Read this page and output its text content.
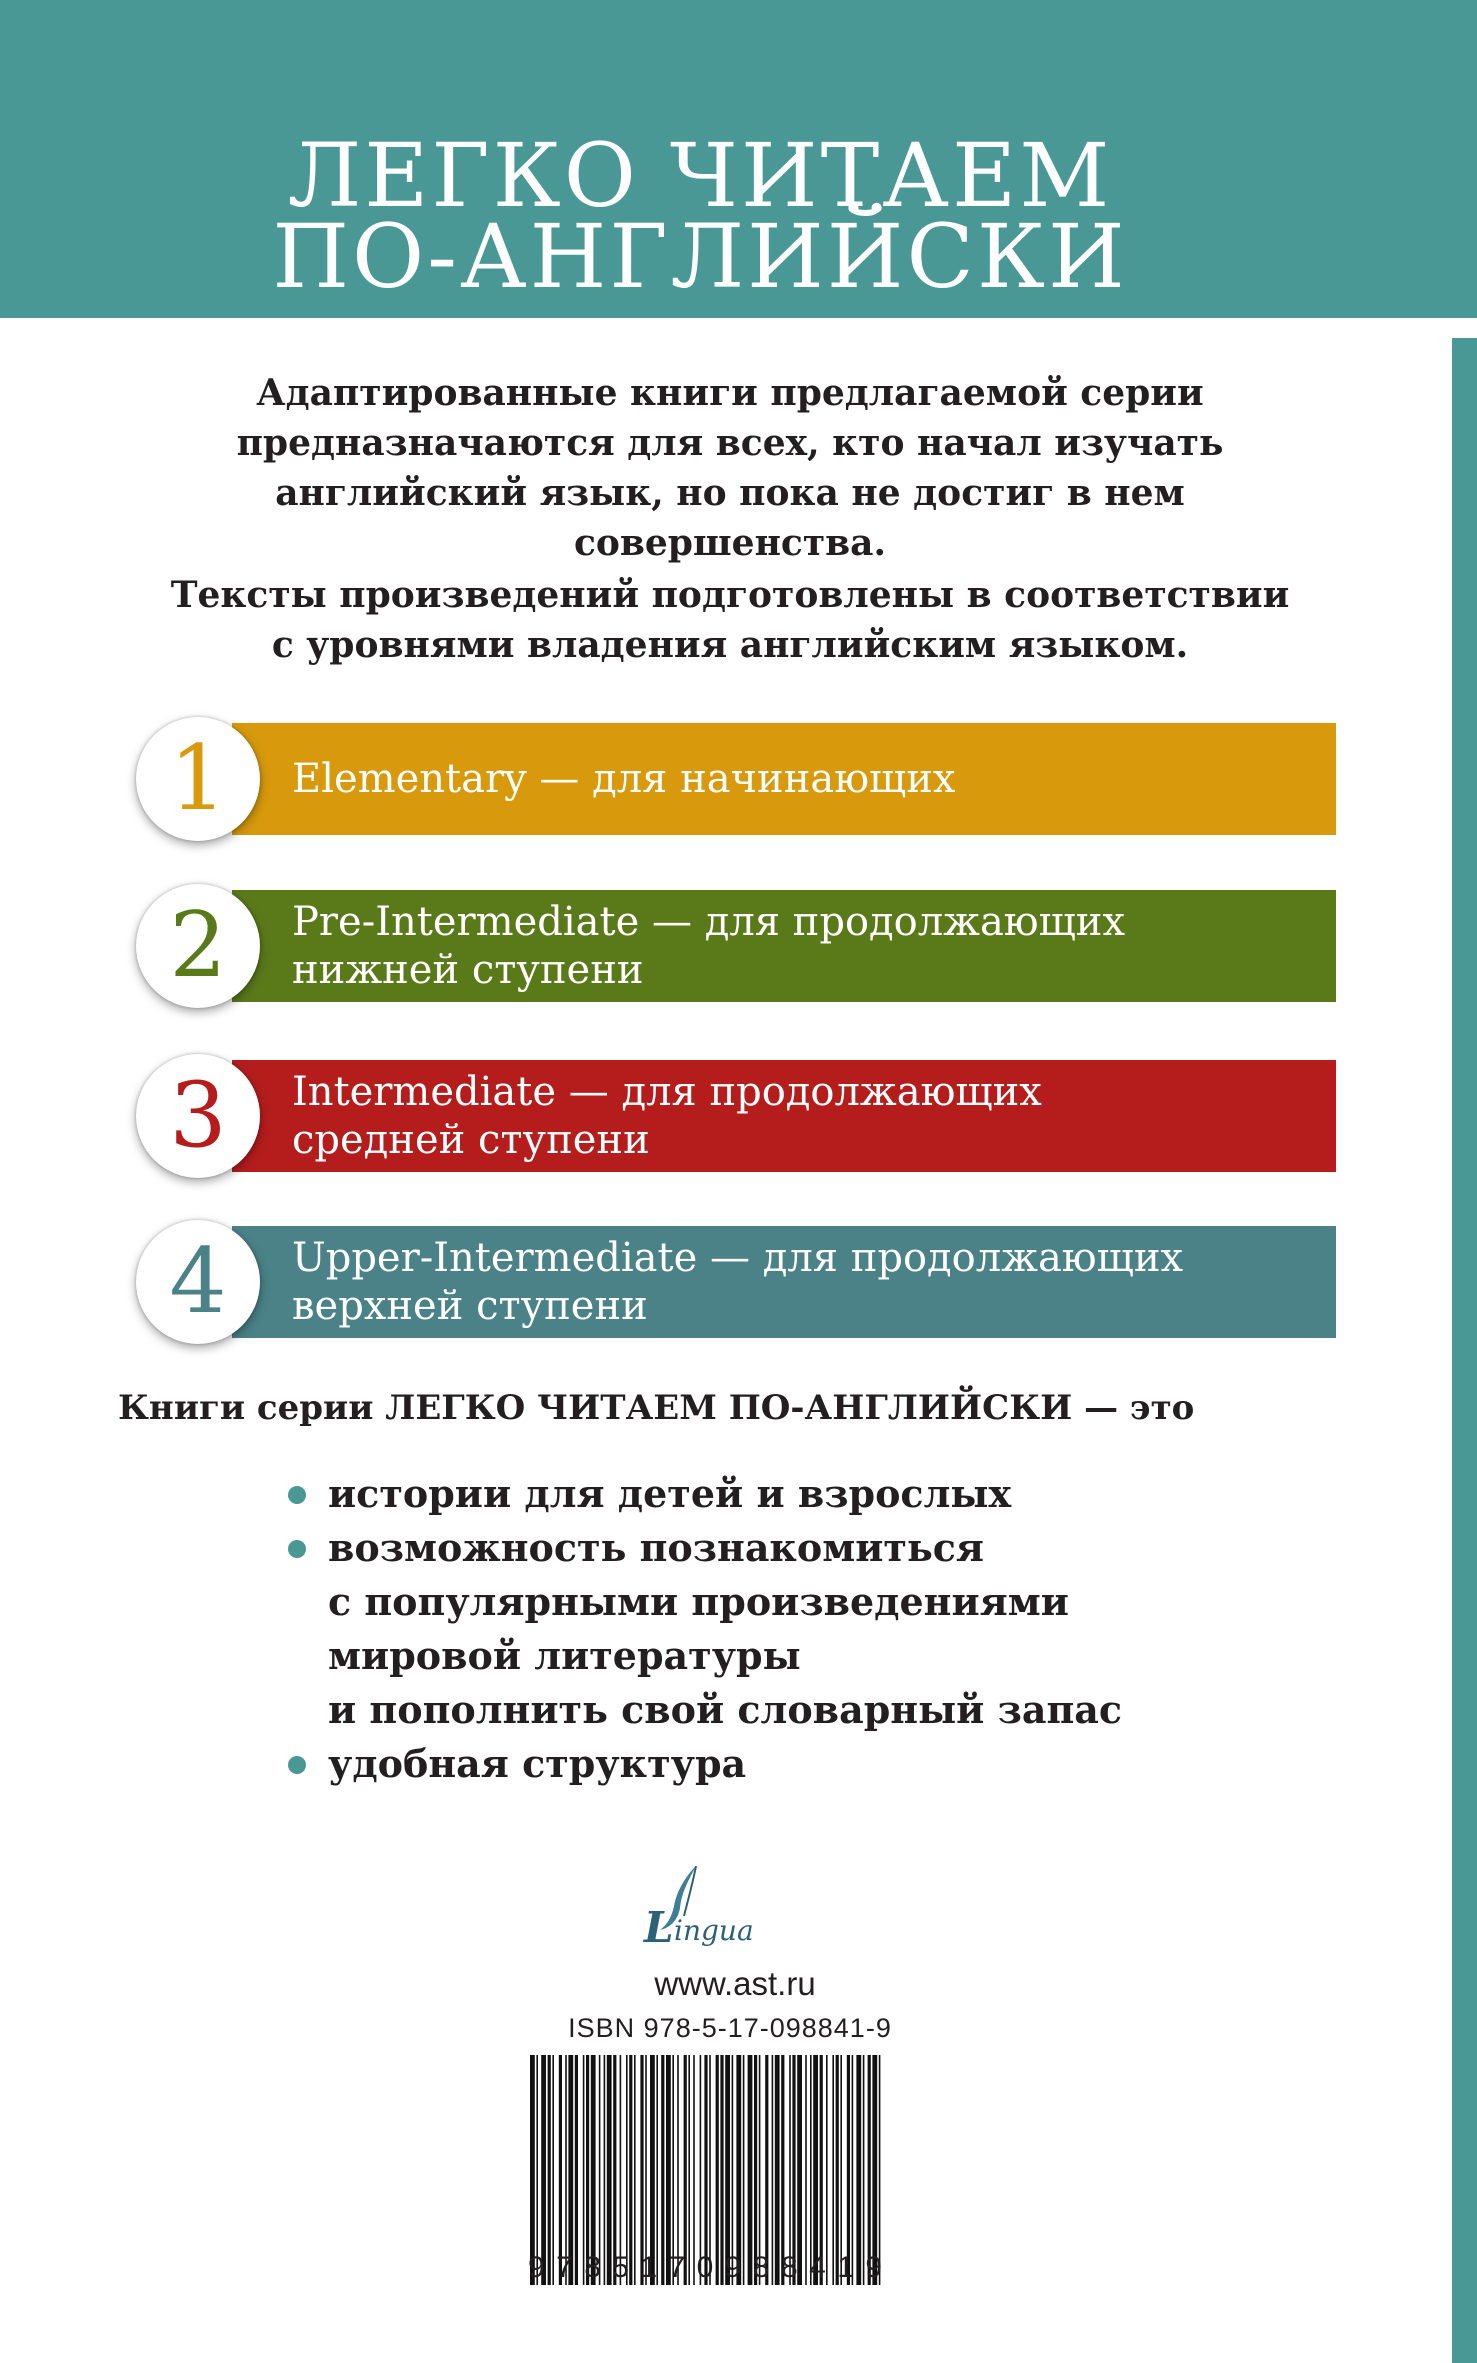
ЛЕГКО ЧИТАЕМ
ПО-АНГЛИЙСКИ
Адаптированные книги предлагаемой серии
предназначаются для всех, кто начал изучать
английский язык, но пока не достиг в нем
совершенства.
Тексты произведений подготовлены в соответствии
с уровнями владения английским языком.
Elementary — для начинающих
1
Pre-Intermediate — для продолжающих
нижней ступени
2
Intermediate — для продолжающих
средней ступени
3
Upper-Intermediate — для продолжающих
верхней ступени
4
Книги серии ЛЕГКО ЧИТАЕМ ПО-АНГЛИЙСКИ — это
истории для детей и взрослых
возможность познакомиться
с популярными произведениями
мировой литературы
и пополнить свой словарный запас
удобная структура
L ingua
www.ast.ru
ISBN 978-5-17-098841-9
9 7 8 5 1 7 0 9 8 8 4 1 9
